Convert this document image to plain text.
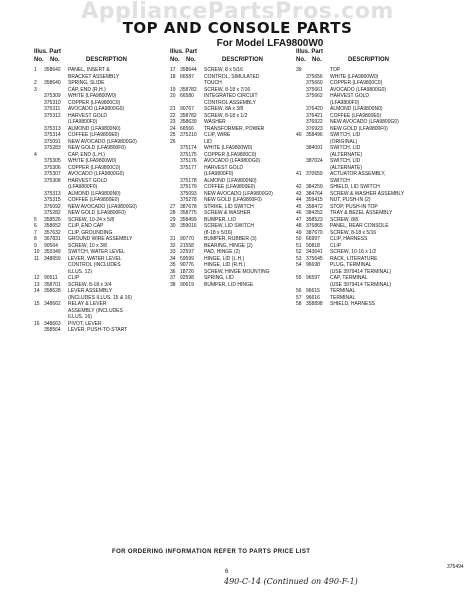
AppliancePartsPros.com
TOP AND CONSOLE PARTS
For Model LFA9800W0
Illus. Part
No. No.	DESCRIPTION
1 358642 PANEL, INSERT &
BRACKET ASSEMBLY
2 358640 SPRING, SLIDE
3	CAP, END (R.H.)
375309 WHITE (LFA9800W0)
375310 COPPER (LFA9800C0)
375311 AVOCADO (LFA9800G0)
375312 HARVEST GOLD
(LFA9800F0)
375313 ALMOND (LFA9800N0)
375314 COFFEE (LFA9800E0)
375091 NEW AVOCADO (LFA9800G0)
375283 NEW GOLD (LFA9800F0)
4	CAP, END (L.H.)
375305 WHITE (LFA9800W0)
375306 COPPER (LFA9800C0)
375307 AVOCADO (LFA9800G0)
375308 HARVEST GOLD
(LFA9800F0)
375313 ALMOND (LFA9800N0)
375315 COFFEE (LFA9800E0)
375092 NEW AVOCADO (LFA9800G0)
375282 NEW GOLD (LFA9800F0)
5 358526 SCREW, 10-24 x 5/8
6 358652 CLIP, END CAP
7 357632 CLIP, GROUNDING
8 367831 GROUND WIRE ASSEMBLY
9 90564 SCREW, 10 x 3/8
10 353349 SWITCH, WATER LEVEL
11 348659 LEVER, WATER LEVEL
CONTROL (INCLUDES
ILLUS. 12)
12 90511 CLIP
13 358701 SCREW, 8-18 x 3/4
14 358628 LEVER ASSEMBLY
(INCLUDES ILLUS. 15 & 16)
15 348662 RELAY & LEVER
ASSEMBLY (INCLUDES
ILLUS. 16)
16 348663 PIVOT, LEVER
358564 LEVER, PUSH-TO-START
Illus. Part
No. No.	DESCRIPTION
17 358644 SCREW, 8 x 5/16
18 66587 CONTROL, SIMULATED
TOUCH
19 358782 SCREW, 8-18 x 7/16
20 66580 INTEGRATED CIRCUIT
CONTROL ASSEMBLY
21 90767 SCREW, 8A x 3/8
22 358782 SCREW, 8-18 x 1/2
23 358639 WASHER
24 66566 TRANSFORMER, POWER
25 375210 CLIP, WIRE
26	LID
375174 WHITE (LFA9800W0)
375175 COPPER (LFA9800C0)
375176 AVOCADO (LFA9800G0)
375177 HARVEST GOLD
(LFA9800F0)
375178 ALMOND (LFA9800N0)
375179 COFFEE (LFA9800E0)
375093 NEW AVOCADO (LFA9800G0)
375278 NEW GOLD (LFA9800F0)
27 387678 STRIKE, LID SWITCH
28 358775 SCREW & WASHER
29 358499 BUMPER, LID
30 359016 SCREW, LID SWITCH
(8-18 x 5/16)
31 90770 BUMPER, RUBBER (3)
32 21558 BEARING, HINGE (2)
33 22597 PAD, HINGE (2)
34 59599 HINGE, LID (L.H.)
35 90776 HINGE, LID (R.H.)
36 18726 SCREW, HINGE MOUNTING
37 92598 SPRING, LID
38 90619 BUMPER, LID HINGE
Illus. Part
No. No.	DESCRIPTION
39	TOP
375656 WHITE (LFA9800W0)
375660 COPPER (LFA9800C0)
375661 AVOCADO (LFA9800G0)
375662 HARVEST GOLD
(LFA9800F0)
376420 ALMOND (LFA9800N0)
376421 COFFEE (LFA9800E0)
376922 NEW AVOCADO (LFA9800G0)
376923 NEW GOLD (LFA9800F0)
40 358496 SWITCH, LID
(ORIGINAL)
384091 SWITCH, LID
(ALTERNATE)
387024 SWITCH, LID
(ALTERNATE)
41 370659 ACTUATOR ASSEMBLY,
SWITCH
42 384259 SHIELD, LID SWITCH
43 384764 SCREW & WASHER ASSEMBLY
44 359415 NUT, PUSH-IN (2)
45 358472 STOP, PUSH-IN TOP
46 384252 TRAY & BEZEL ASSEMBLY
47 358523 SCREW, 8/8
48 376865 PANEL, REAR CONSOLE
49 387670 SCREW, 8-18 x 5/16
50 66997 CLIP, HARNESS
51 90818 CLIP
52 343641 SCREW, 10-16 x 1/2
53 375645 RACK, LITERATURE
54 96698 PLUG, TERMINAL
(USE 3979414 TERMINAL)
55 96597 CAP, TERMINAL
(USE 3979414 TERMINAL)
56 96615 TERMINAL
57 96616 TERMINAL
58 358898 SHIELD, HARNESS
FOR ORDERING INFORMATION REFER TO PARTS PRICE LIST
6
375494
490-C-14 (Continued on 490-F-1)
